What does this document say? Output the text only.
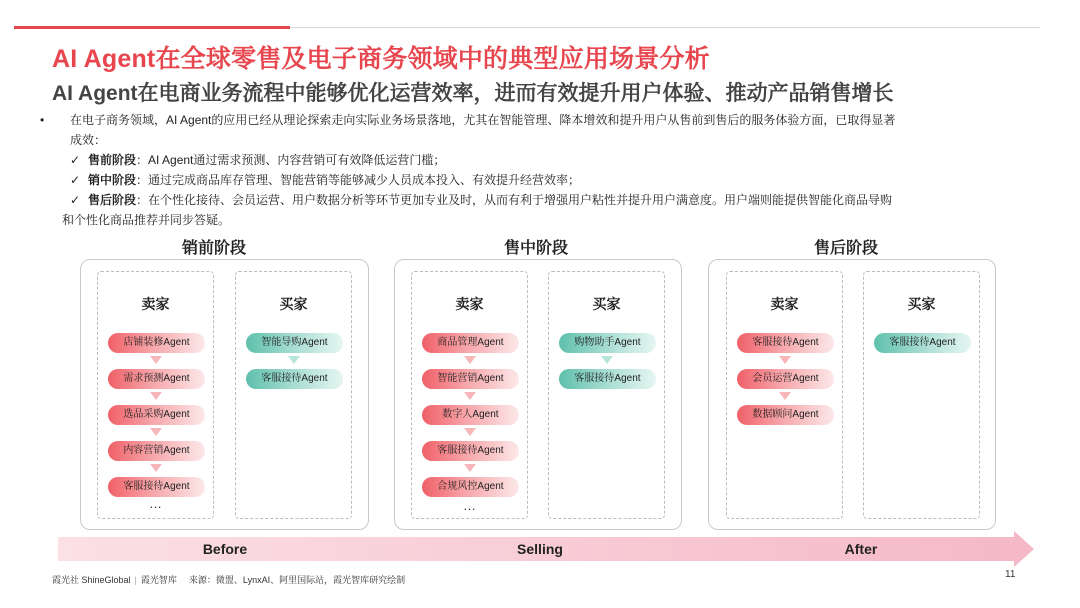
AI Agent在全球零售及电子商务领域中的典型应用场景分析
AI Agent在电商业务流程中能够优化运营效率，进而有效提升用户体验、推动产品销售增长
•	在电子商务领域，AI Agent的应用已经从理论探索走向实际业务场景落地，尤其在智能管理、降本增效和提升用户从售前到售后的服务体验方面，已取得显著
成效：
✓ 售前阶段：AI Agent通过需求预测、内容营销可有效降低运营门槛；
✓ 销中阶段：通过完成商品库存管理、智能营销等能够减少人员成本投入、有效提升经营效率；
✓ 售后阶段：在个性化接待、会员运营、用户数据分析等环节更加专业及时，从而有利于增强用户粘性并提升用户满意度。用户端则能提供智能化商品导购
和个性化商品推荐并同步答疑。
销前阶段	售中阶段	售后阶段
卖家
店铺装修Agent
需求预测Agent
选品采购Agent
内容营销Agent
客服接待Agent
…
买家
智能导购Agent
客服接待Agent
卖家
商品管理Agent
智能营销Agent
数字人Agent
客服接待Agent
合规风控Agent
…
买家
购物助手Agent
客服接待Agent
卖家
客服接待Agent
会员运营Agent
数据顾问Agent
买家
客服接待Agent
Before	Selling	After
霞光社 ShineGlobal | 霞光智库 来源：微盟、LynxAI、阿里国际站，霞光智库研究绘制	11
